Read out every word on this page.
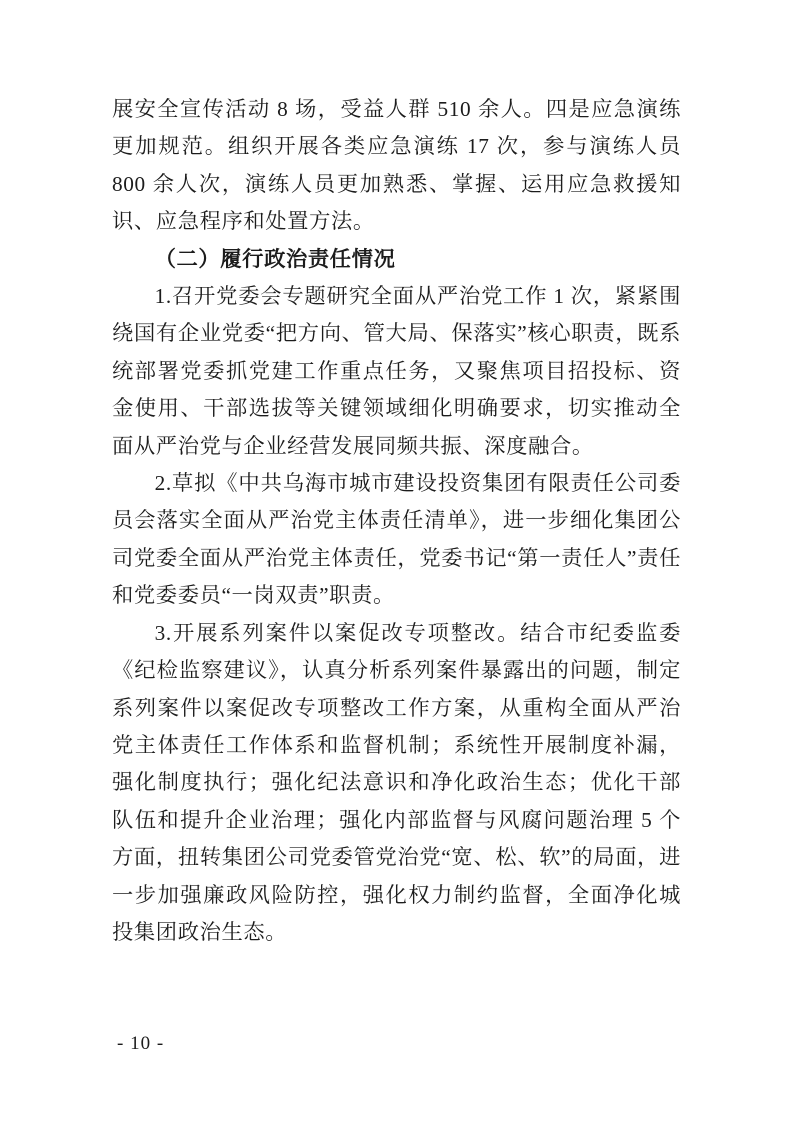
展安全宣传活动 8 场，受益人群 510 余人。四是应急演练更加规范。组织开展各类应急演练 17 次，参与演练人员 800 余人次，演练人员更加熟悉、掌握、运用应急救援知识、应急程序和处置方法。

（二）履行政治责任情况

1.召开党委会专题研究全面从严治党工作 1 次，紧紧围绕国有企业党委“把方向、管大局、保落实”核心职责，既系统部署党委抓党建工作重点任务，又聚焦项目招投标、资金使用、干部选拔等关键领域细化明确要求，切实推动全面从严治党与企业经营发展同频共振、深度融合。

2.草拟《中共乌海市城市建设投资集团有限责任公司委员会落实全面从严治党主体责任清单》，进一步细化集团公司党委全面从严治党主体责任，党委书记“第一责任人”责任和党委委员“一岗双责”职责。

3.开展系列案件以案促改专项整改。结合市纪委监委《纪检监察建议》，认真分析系列案件暴露出的问题，制定系列案件以案促改专项整改工作方案，从重构全面从严治党主体责任工作体系和监督机制；系统性开展制度补漏，强化制度执行；强化纪法意识和净化政治生态；优化干部队伍和提升企业治理；强化内部监督与风腐问题治理 5 个方面，扭转集团公司党委管党治党“宽、松、软”的局面，进一步加强廉政风险防控，强化权力制约监督，全面净化城投集团政治生态。

- 10 -
